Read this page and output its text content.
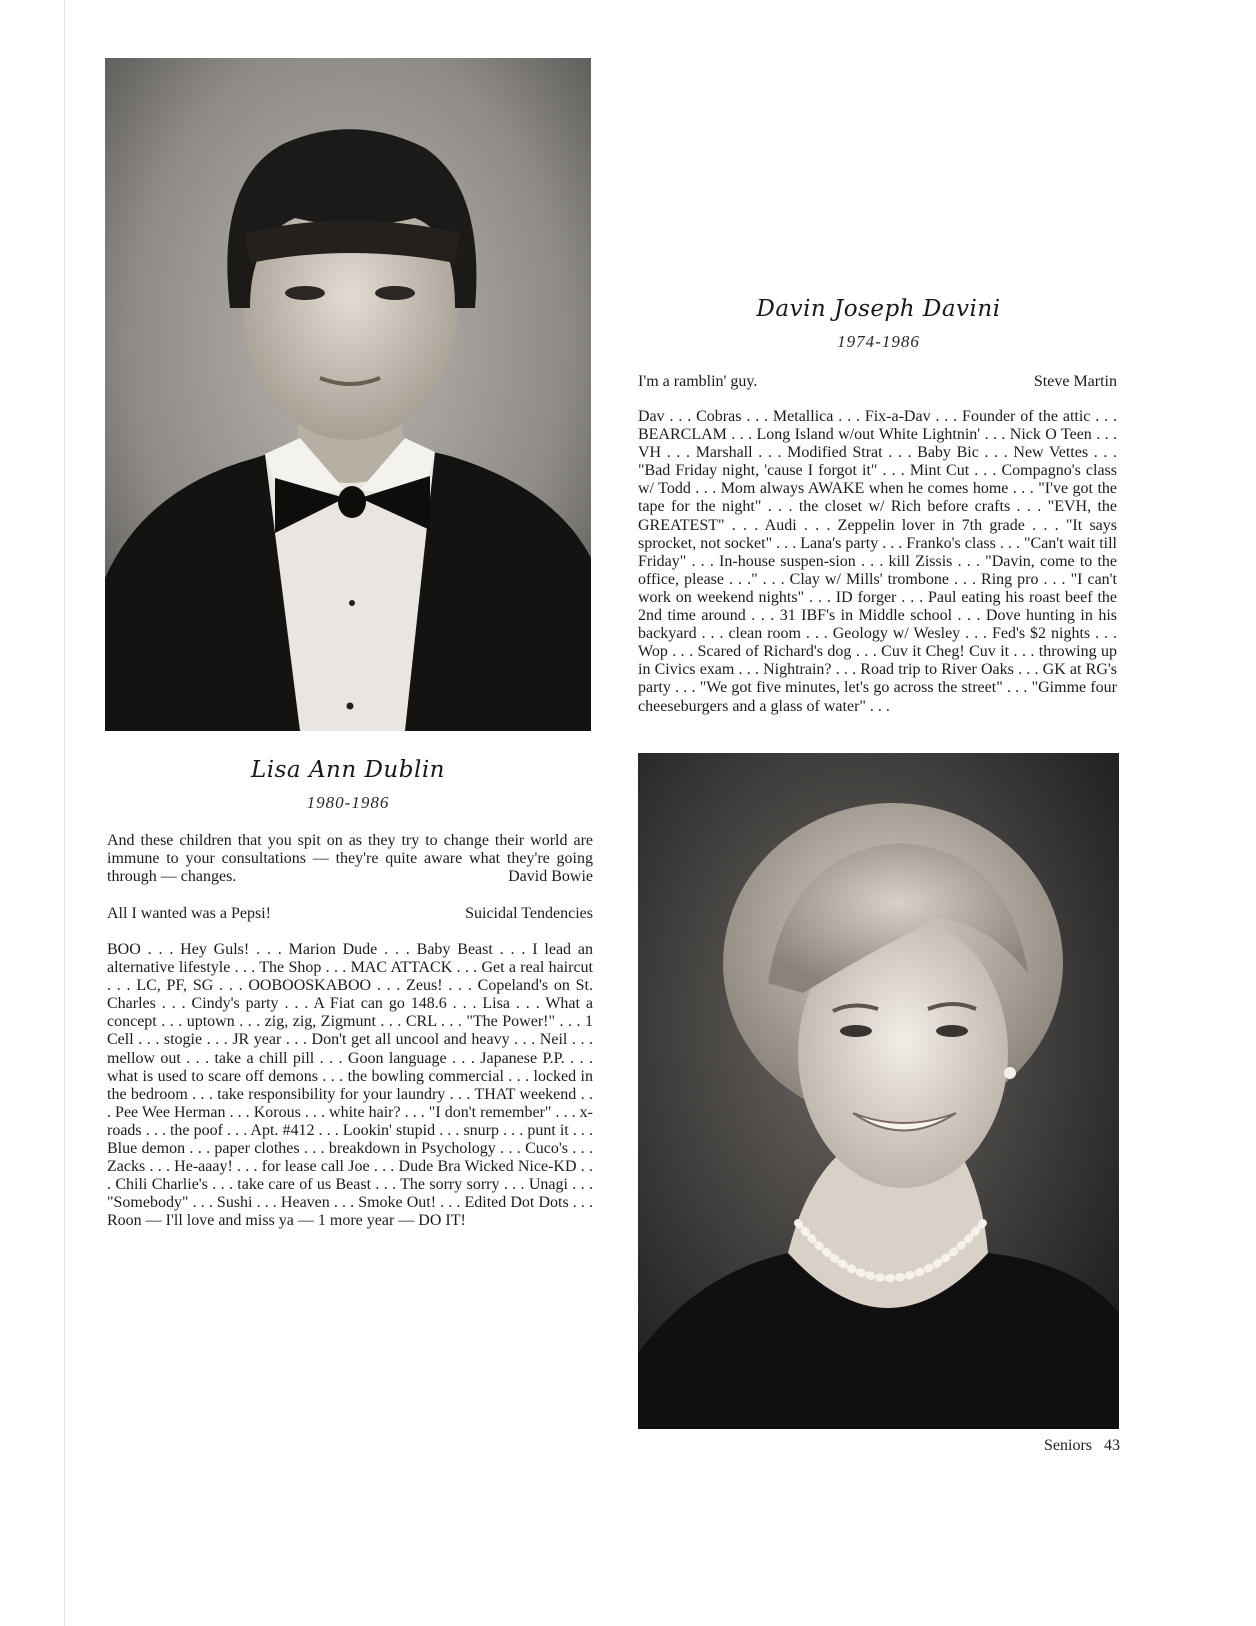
Davin Joseph Davini
1974-1986
I'm a ramblin' guy.	Steve Martin
Dav . . . Cobras . . . Metallica . . . Fix-a-Dav . . . Founder of the attic . . . BEARCLAM . . . Long Island w/out White Lightnin' . . . Nick O Teen . . . VH . . . Marshall . . . Modified Strat . . . Baby Bic . . . New Vettes . . . "Bad Friday night, 'cause I forgot it" . . . Mint Cut . . . Compagno's class w/ Todd . . . Mom always AWAKE when he comes home . . . "I've got the tape for the night" . . . the closet w/ Rich before crafts . . . "EVH, the GREATEST" . . . Audi . . . Zeppelin lover in 7th grade . . . "It says sprocket, not socket" . . . Lana's party . . . Franko's class . . . "Can't wait till Friday" . . . In-house suspen-sion . . . kill Zissis . . . "Davin, come to the office, please . . ." . . . Clay w/ Mills' trombone . . . Ring pro . . . "I can't work on weekend nights" . . . ID forger . . . Paul eating his roast beef the 2nd time around . . . 31 IBF's in Middle school . . . Dove hunting in his backyard . . . clean room . . . Geology w/ Wesley . . . Fed's $2 nights . . . Wop . . . Scared of Richard's dog . . . Cuv it Cheg! Cuv it . . . throwing up in Civics exam . . . Nightrain? . . . Road trip to River Oaks . . . GK at RG's party . . . "We got five minutes, let's go across the street" . . . "Gimme four cheeseburgers and a glass of water" . . .
Lisa Ann Dublin
1980-1986
And these children that you spit on as they try to change their world are immune to your consultations — they're quite aware what they're going through — changes.	David Bowie
All I wanted was a Pepsi!	Suicidal Tendencies
BOO . . . Hey Guls! . . . Marion Dude . . . Baby Beast . . . I lead an alternative lifestyle . . . The Shop . . . MAC ATTACK . . . Get a real haircut . . . LC, PF, SG . . . OOBOOSKABOO . . . Zeus! . . . Copeland's on St. Charles . . . Cindy's party . . . A Fiat can go 148.6 . . . Lisa . . . What a concept . . . uptown . . . zig, zig, Zigmunt . . . CRL . . . "The Power!" . . . 1 Cell . . . stogie . . . JR year . . . Don't get all uncool and heavy . . . Neil . . . mellow out . . . take a chill pill . . . Goon language . . . Japanese P.P. . . . what is used to scare off demons . . . the bowling commercial . . . locked in the bedroom . . . take responsibility for your laundry . . . THAT weekend . . . Pee Wee Herman . . . Korous . . . white hair? . . . "I don't remember" . . . x-roads . . . the poof . . . Apt. #412 . . . Lookin' stupid . . . snurp . . . punt it . . . Blue demon . . . paper clothes . . . breakdown in Psychology . . . Cuco's . . . Zacks . . . He-aaay! . . . for lease call Joe . . . Dude Bra Wicked Nice-KD . . . Chili Charlie's . . . take care of us Beast . . . The sorry sorry . . . Unagi . . . "Somebody" . . . Sushi . . . Heaven . . . Smoke Out! . . . Edited Dot Dots . . . Roon — I'll love and miss ya — 1 more year — DO IT!
Seniors 43
